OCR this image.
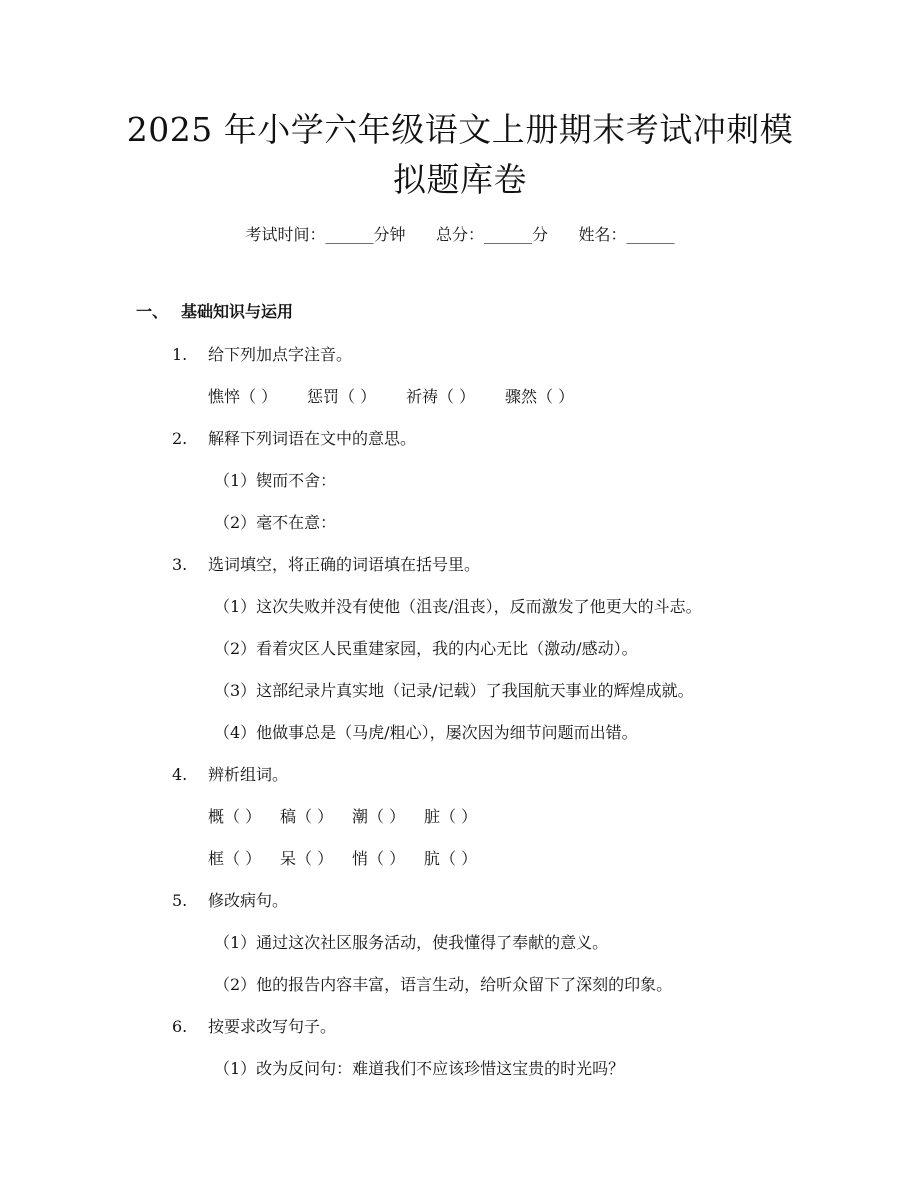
2025 年小学六年级语文上册期末考试冲刺模
拟题库卷
考试时间：______分钟      总分：______分      姓名：______
一、 基础知识与运用
1. 给下列加点字注音。
憔悴（ ） 惩罚（ ） 祈祷（ ） 骤然（ ）
2. 解释下列词语在文中的意思。
（1）锲而不舍：
（2）毫不在意：
3. 选词填空，将正确的词语填在括号里。
（1）这次失败并没有使他（沮丧/沮丧），反而激发了他更大的斗志。
（2）看着灾区人民重建家园，我的内心无比（激动/感动）。
（3）这部纪录片真实地（记录/记载）了我国航天事业的辉煌成就。
（4）他做事总是（马虎/粗心），屡次因为细节问题而出错。
4. 辨析组词。
概（ ） 稿（ ） 潮（ ） 脏（ ）
框（ ） 呆（ ） 悄（ ） 肮（ ）
5. 修改病句。
（1）通过这次社区服务活动，使我懂得了奉献的意义。
（2）他的报告内容丰富，语言生动，给听众留下了深刻的印象。
6. 按要求改写句子。
（1）改为反问句：难道我们不应该珍惜这宝贵的时光吗？
